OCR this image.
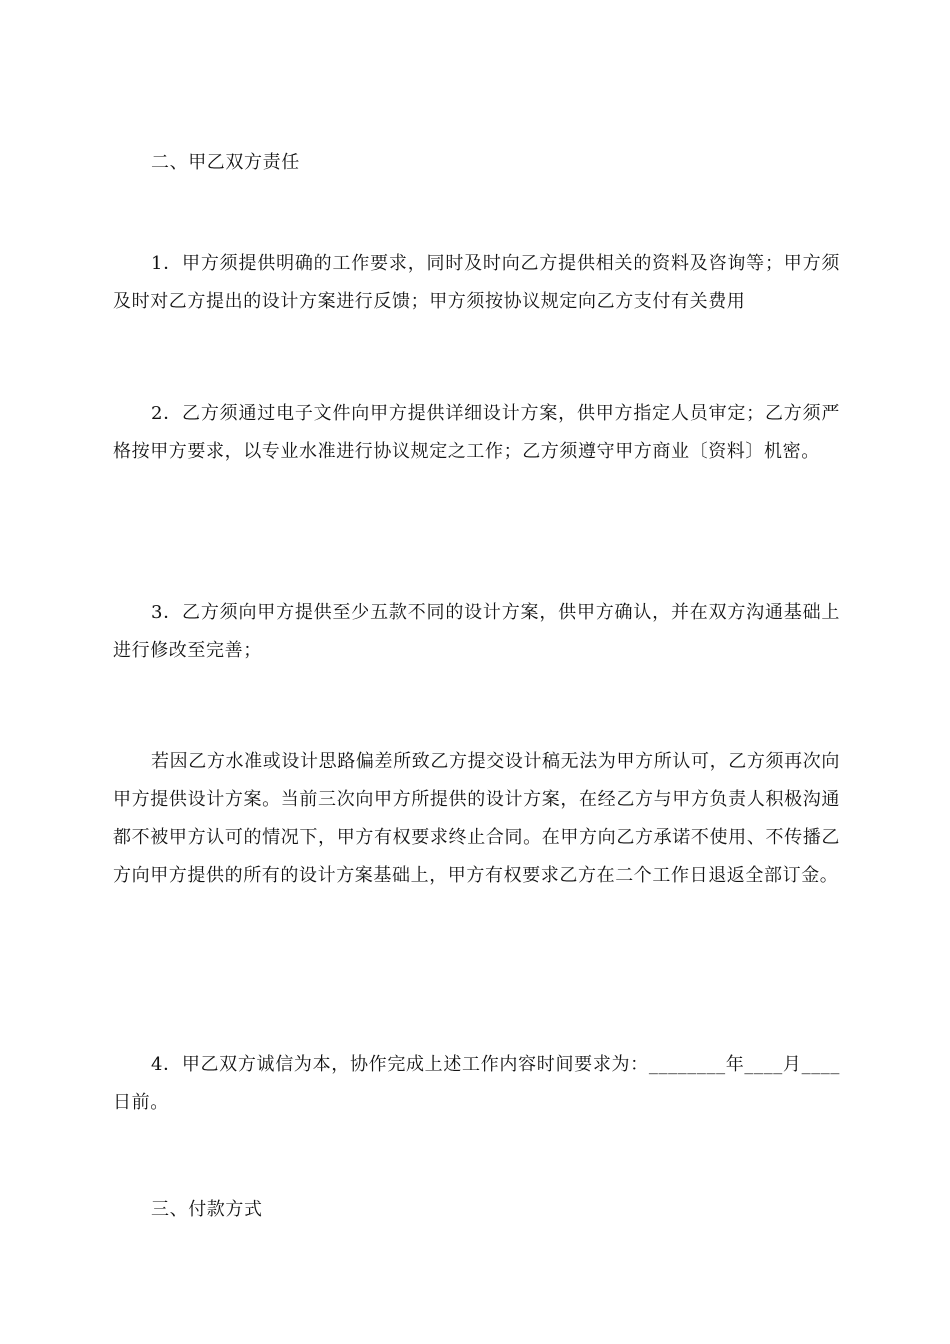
二、甲乙双方责任

1．甲方须提供明确的工作要求，同时及时向乙方提供相关的资料及咨询等；甲方须及时对乙方提出的设计方案进行反馈；甲方须按协议规定向乙方支付有关费用

2．乙方须通过电子文件向甲方提供详细设计方案，供甲方指定人员审定；乙方须严格按甲方要求，以专业水准进行协议规定之工作；乙方须遵守甲方商业〔资料〕机密。

3．乙方须向甲方提供至少五款不同的设计方案，供甲方确认，并在双方沟通基础上进行修改至完善；

若因乙方水准或设计思路偏差所致乙方提交设计稿无法为甲方所认可，乙方须再次向甲方提供设计方案。当前三次向甲方所提供的设计方案，在经乙方与甲方负责人积极沟通都不被甲方认可的情况下，甲方有权要求终止合同。在甲方向乙方承诺不使用、不传播乙方向甲方提供的所有的设计方案基础上，甲方有权要求乙方在二个工作日退返全部订金。

4．甲乙双方诚信为本，协作完成上述工作内容时间要求为：________年____月____日前。

三、付款方式
